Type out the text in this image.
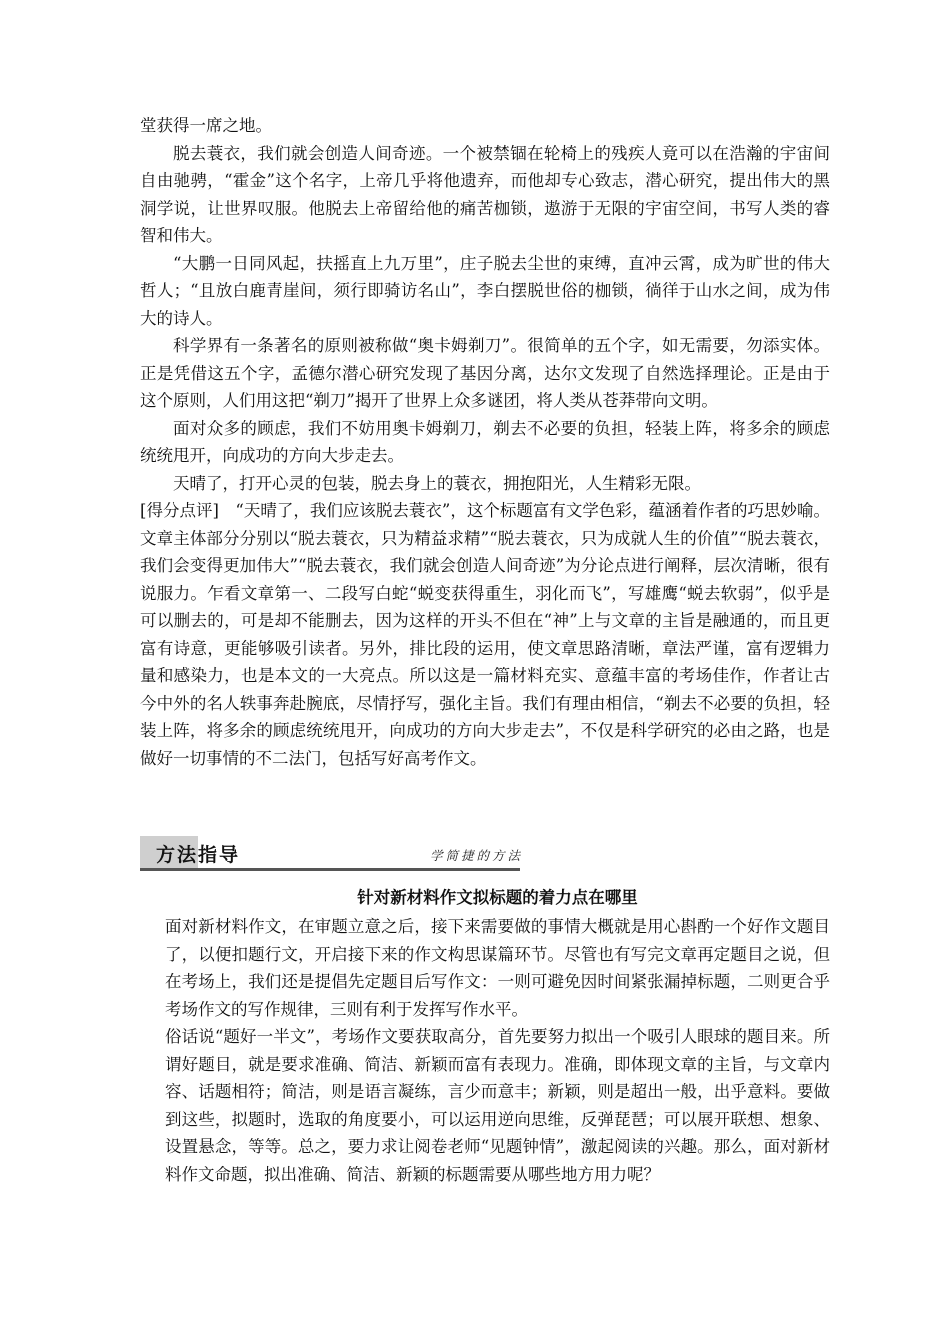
堂获得一席之地。

脱去蓑衣，我们就会创造人间奇迹。一个被禁锢在轮椅上的残疾人竟可以在浩瀚的宇宙间自由驰骋，“霍金”这个名字，上帝几乎将他遗弃，而他却专心致志，潜心研究，提出伟大的黑洞学说，让世界叹服。他脱去上帝留给他的痛苦枷锁，遨游于无限的宇宙空间，书写人类的睿智和伟大。

“大鹏一日同风起，扶摇直上九万里”，庄子脱去尘世的束缚，直冲云霄，成为旷世的伟大哲人；“且放白鹿青崖间，须行即骑访名山”，李白摆脱世俗的枷锁，徜徉于山水之间，成为伟大的诗人。

科学界有一条著名的原则被称做“奥卡姆剃刀”。很简单的五个字，如无需要，勿添实体。正是凭借这五个字，孟德尔潜心研究发现了基因分离，达尔文发现了自然选择理论。正是由于这个原则，人们用这把“剃刀”揭开了世界上众多谜团，将人类从苍莽带向文明。

面对众多的顾虑，我们不妨用奥卡姆剃刀，剃去不必要的负担，轻装上阵，将多余的顾虑统统甩开，向成功的方向大步走去。

天晴了，打开心灵的包装，脱去身上的蓑衣，拥抱阳光，人生精彩无限。

[得分点评]　 “天晴了，我们应该脱去蓑衣”，这个标题富有文学色彩，蕴涵着作者的巧思妙喻。文章主体部分分别以“脱去蓑衣，只为精益求精”“脱去蓑衣，只为成就人生的价值”“脱去蓑衣，我们会变得更加伟大”“脱去蓑衣，我们就会创造人间奇迹”为分论点进行阐释，层次清晰，很有说服力。乍看文章第一、二段写白蛇“蜕变获得重生，羽化而飞”，写雄鹰“蜕去软弱”，似乎是可以删去的，可是却不能删去，因为这样的开头不但在“神”上与文章的主旨是融通的，而且更富有诗意，更能够吸引读者。另外，排比段的运用，使文章思路清晰，章法严谨，富有逻辑力量和感染力，也是本文的一大亮点。所以这是一篇材料充实、意蕴丰富的考场佳作，作者让古今中外的名人轶事奔赴腕底，尽情抒写，强化主旨。我们有理由相信，“剃去不必要的负担，轻装上阵，将多余的顾虑统统甩开，向成功的方向大步走去”，不仅是科学研究的必由之路，也是做好一切事情的不二法门，包括写好高考作文。

方法指导	学简捷的方法

针对新材料作文拟标题的着力点在哪里

面对新材料作文，在审题立意之后，接下来需要做的事情大概就是用心斟酌一个好作文题目了，以便扣题行文，开启接下来的作文构思谋篇环节。尽管也有写完文章再定题目之说，但在考场上，我们还是提倡先定题目后写作文：一则可避免因时间紧张漏掉标题，二则更合乎考场作文的写作规律，三则有利于发挥写作水平。

俗话说“题好一半文”，考场作文要获取高分，首先要努力拟出一个吸引人眼球的题目来。所谓好题目，就是要求准确、简洁、新颖而富有表现力。准确，即体现文章的主旨，与文章内容、话题相符；简洁，则是语言凝练，言少而意丰；新颖，则是超出一般，出乎意料。要做到这些，拟题时，选取的角度要小，可以运用逆向思维，反弹琵琶；可以展开联想、想象、设置悬念，等等。总之，要力求让阅卷老师“见题钟情”，激起阅读的兴趣。那么，面对新材料作文命题，拟出准确、简洁、新颖的标题需要从哪些地方用力呢？
